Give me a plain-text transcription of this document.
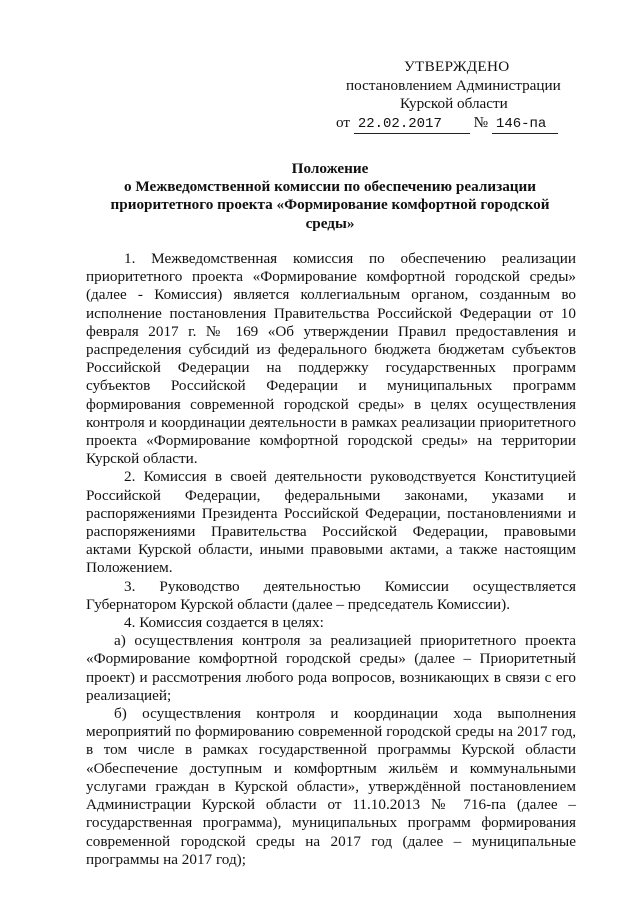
УТВЕРЖДЕНО
постановлением Администрации
Курской области
от 22.02.2017 № 146-па
Положение
о Межведомственной комиссии по обеспечению реализации
приоритетного проекта «Формирование комфортной городской
среды»

1. Межведомственная комиссия по обеспечению реализации приоритетного проекта «Формирование комфортной городской среды» (далее - Комиссия) является коллегиальным органом, созданным во исполнение постановления Правительства Российской Федерации от 10 февраля 2017 г. № 169 «Об утверждении Правил предоставления и распределения субсидий из федерального бюджета бюджетам субъектов Российской Федерации на поддержку государственных программ субъектов Российской Федерации и муниципальных программ формирования современной городской среды» в целях осуществления контроля и координации деятельности в рамках реализации приоритетного проекта «Формирование комфортной городской среды» на территории Курской области.

2. Комиссия в своей деятельности руководствуется Конституцией Российской Федерации, федеральными законами, указами и распоряжениями Президента Российской Федерации, постановлениями и распоряжениями Правительства Российской Федерации, правовыми актами Курской области, иными правовыми актами, а также настоящим Положением.

3. Руководство деятельностью Комиссии осуществляется Губернатором Курской области (далее – председатель Комиссии).

4. Комиссия создается в целях:

а) осуществления контроля за реализацией приоритетного проекта «Формирование комфортной городской среды» (далее – Приоритетный проект) и рассмотрения любого рода вопросов, возникающих в связи с его реализацией;

б) осуществления контроля и координации хода выполнения мероприятий по формированию современной городской среды на 2017 год, в том числе в рамках государственной программы Курской области «Обеспечение доступным и комфортным жильём и коммунальными услугами граждан в Курской области», утверждённой постановлением Администрации Курской области от 11.10.2013 № 716-па (далее – государственная программа), муниципальных программ формирования современной городской среды на 2017 год (далее – муниципальные программы на 2017 год);
